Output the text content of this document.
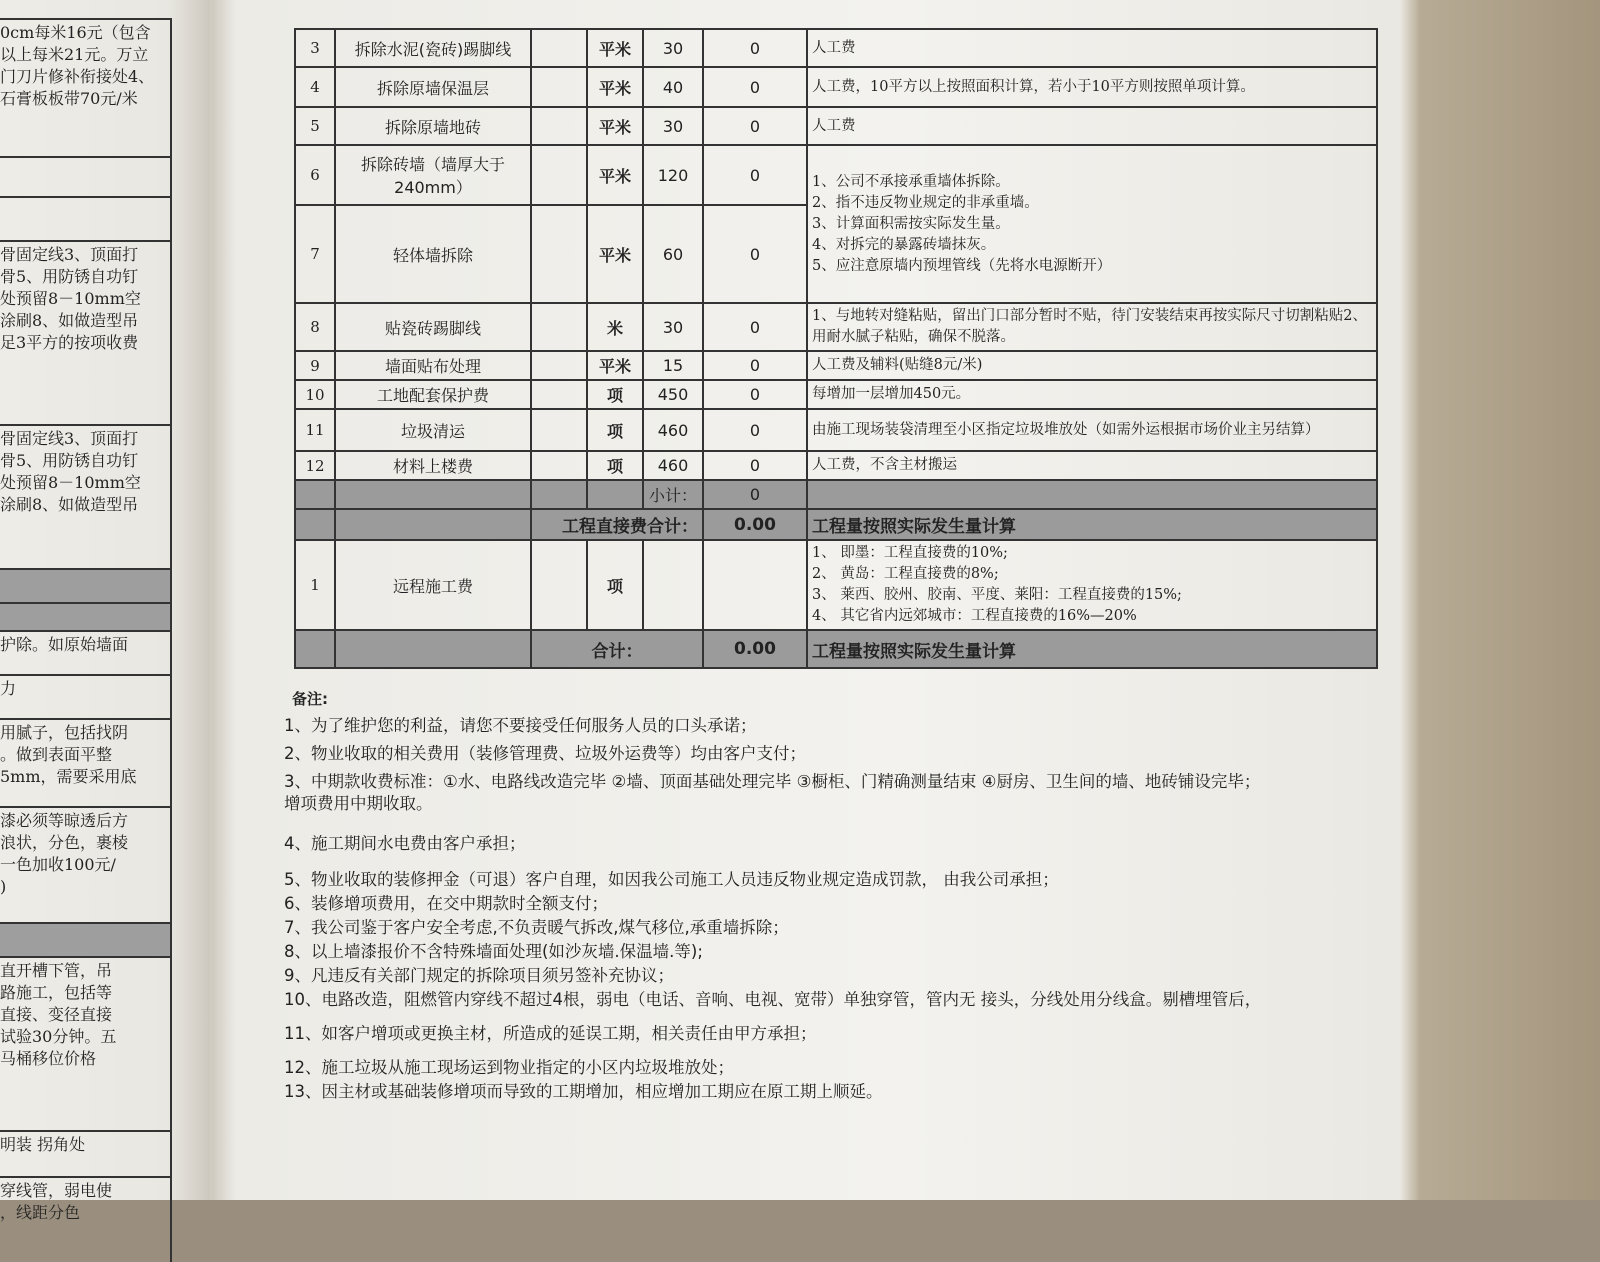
0cm每米16元（包含
以上每米21元。万立
门刀片修补衔接处4、
石膏板板带70元/米
骨固定线3、顶面打
骨5、用防锈自功钉
处预留8－10mm空
涂刷8、如做造型吊
足3平方的按项收费
骨固定线3、顶面打
骨5、用防锈自功钉
处预留8－10mm空
涂刷8、如做造型吊
护除。如原始墙面
力
用腻子，包括找阴
。做到表面平整
5mm，需要采用底
漆必须等晾透后方
浪状，分色，裹棱
一色加收100元/
)
直开槽下管，吊
路施工，包括等
直接、变径直接
试验30分钟。五
马桶移位价格
明装 拐角处
穿线管，弱电使
，线距分色
3	拆除水泥(瓷砖)踢脚线		平米	30	0	人工费
4	拆除原墙保温层		平米	40	0	人工费，10平方以上按照面积计算，若小于10平方则按照单项计算。
5	拆除原墙地砖		平米	30	0	人工费
6	拆除砖墙（墙厚大于240mm）		平米	120	0	1、公司不承接承重墙体拆除。
2、指不违反物业规定的非承重墙。
3、计算面积需按实际发生量。
4、对拆完的暴露砖墙抹灰。
5、应注意原墙内预埋管线（先将水电源断开）
7	轻体墙拆除		平米	60	0	
8	贴瓷砖踢脚线		米	30	0	1、与地转对缝粘贴，留出门口部分暂时不贴，待门安装结束再按实际尺寸切割粘贴2、用耐水腻子粘贴，确保不脱落。
9	墙面贴布处理		平米	15	0	人工费及辅料(贴缝8元/米)
10	工地配套保护费		项	450	0	每增加一层增加450元。
11	垃圾清运		项	460	0	由施工现场装袋清理至小区指定垃圾堆放处（如需外运根据市场价业主另结算）
12	材料上楼费		项	460	0	人工费，不含主材搬运
				小计：	0	
		工程直接费合计：			0.00	工程量按照实际发生量计算
1	远程施工费		项			1、 即墨：工程直接费的10%;
2、 黄岛：工程直接费的8%;
3、 莱西、胶州、胶南、平度、莱阳：工程直接费的15%;
4、 其它省内远郊城市：工程直接费的16%—20%
		合计：			0.00	工程量按照实际发生量计算
备注:
1、为了维护您的利益，请您不要接受任何服务人员的口头承诺；
2、物业收取的相关费用（装修管理费、垃圾外运费等）均由客户支付；
3、中期款收费标准：①水、电路线改造完毕 ②墙、顶面基础处理完毕 ③橱柜、门精确测量结束 ④厨房、卫生间的墙、地砖铺设完毕；
增项费用中期收取。
4、施工期间水电费由客户承担；
5、物业收取的装修押金（可退）客户自理，如因我公司施工人员违反物业规定造成罚款， 由我公司承担；
6、装修增项费用，在交中期款时全额支付；
7、我公司鉴于客户安全考虑,不负责暖气拆改,煤气移位,承重墙拆除；
8、以上墙漆报价不含特殊墙面处理(如沙灰墙.保温墙.等);
9、凡违反有关部门规定的拆除项目须另签补充协议；
10、电路改造，阻燃管内穿线不超过4根，弱电（电话、音响、电视、宽带）单独穿管，管内无 接头，分线处用分线盒。剔槽埋管后，
11、如客户增项或更换主材，所造成的延误工期，相关责任由甲方承担；
12、施工垃圾从施工现场运到物业指定的小区内垃圾堆放处；
13、因主材或基础装修增项而导致的工期增加，相应增加工期应在原工期上顺延。
